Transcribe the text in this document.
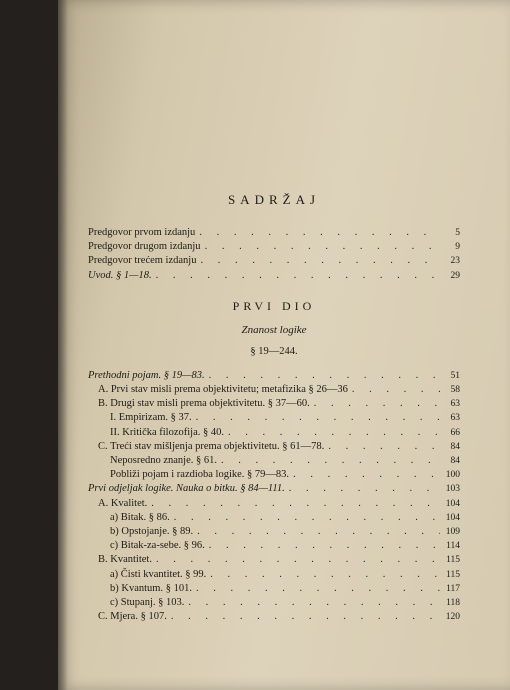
SADRŽAJ
Predgovor prvom izdanju . . .	5
Predgovor drugom izdanju . . .	9
Predgovor trećem izdanju . . .	23
Uvod. § 1—18. . . .	29
PRVI DIO
Znanost logike
§ 19—244.
Prethodni pojam. § 19—83. . . .	51
A. Prvi stav misli prema objektivitetu; metafizika § 26—36 . . .	58
B. Drugi stav misli prema objektivitetu. § 37—60. . . .	63
I. Empirizam. § 37. . . .	63
II. Kritička filozofija. § 40. . . .	66
C. Treći stav mišljenja prema objektivitetu. § 61—78. . . .	84
Neposredno znanje. § 61. . . .	84
Pobliži pojam i razdioba logike. § 79—83. . . .	100
Prvi odjeljak logike. Nauka o bitku. § 84—111. . . .	103
A. Kvalitet. . . .	104
a) Bitak. § 86. . . .	104
b) Opstojanje. § 89. . . .	109
c) Bitak-za-sebe. § 96. . . .	114
B. Kvantitet. . . .	115
a) Čisti kvantitet. § 99. . . .	115
b) Kvantum. § 101. . . .	117
c) Stupanj. § 103. . . .	118
C. Mjera. § 107. . . .	120
